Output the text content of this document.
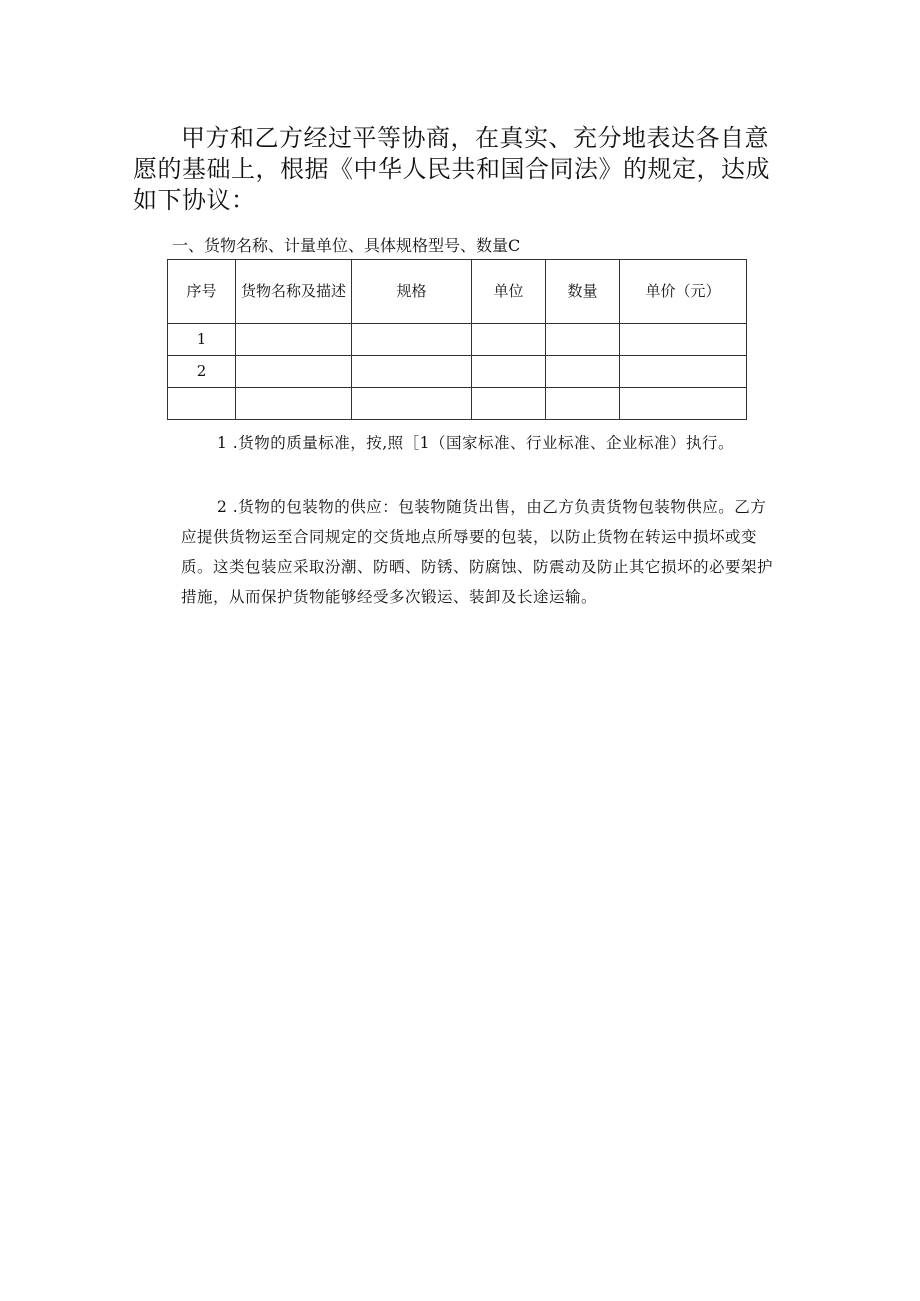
甲方和乙方经过平等协商，在真实、充分地表达各自意愿的基础上，根据《中华人民共和国合同法》的规定，达成如下协议：

一、货物名称、计量单位、具体规格型号、数量C

序号	货物名称及描述	规格	单位	数量	单价（元）
1					
2					

1 .货物的质量标准，按,照［1（国家标准、行业标准、企业标准）执行。

2 .货物的包装物的供应：包装物随货出售，由乙方负责货物包装物供应。乙方应提供货物运至合同规定的交货地点所辱要的包装，以防止货物在转运中损坏或变质。这类包装应采取汾潮、防晒、防锈、防腐蚀、防震动及防止其它损坏的必要架护措施，从而保护货物能够经受多次锻运、装卸及长途运输。
